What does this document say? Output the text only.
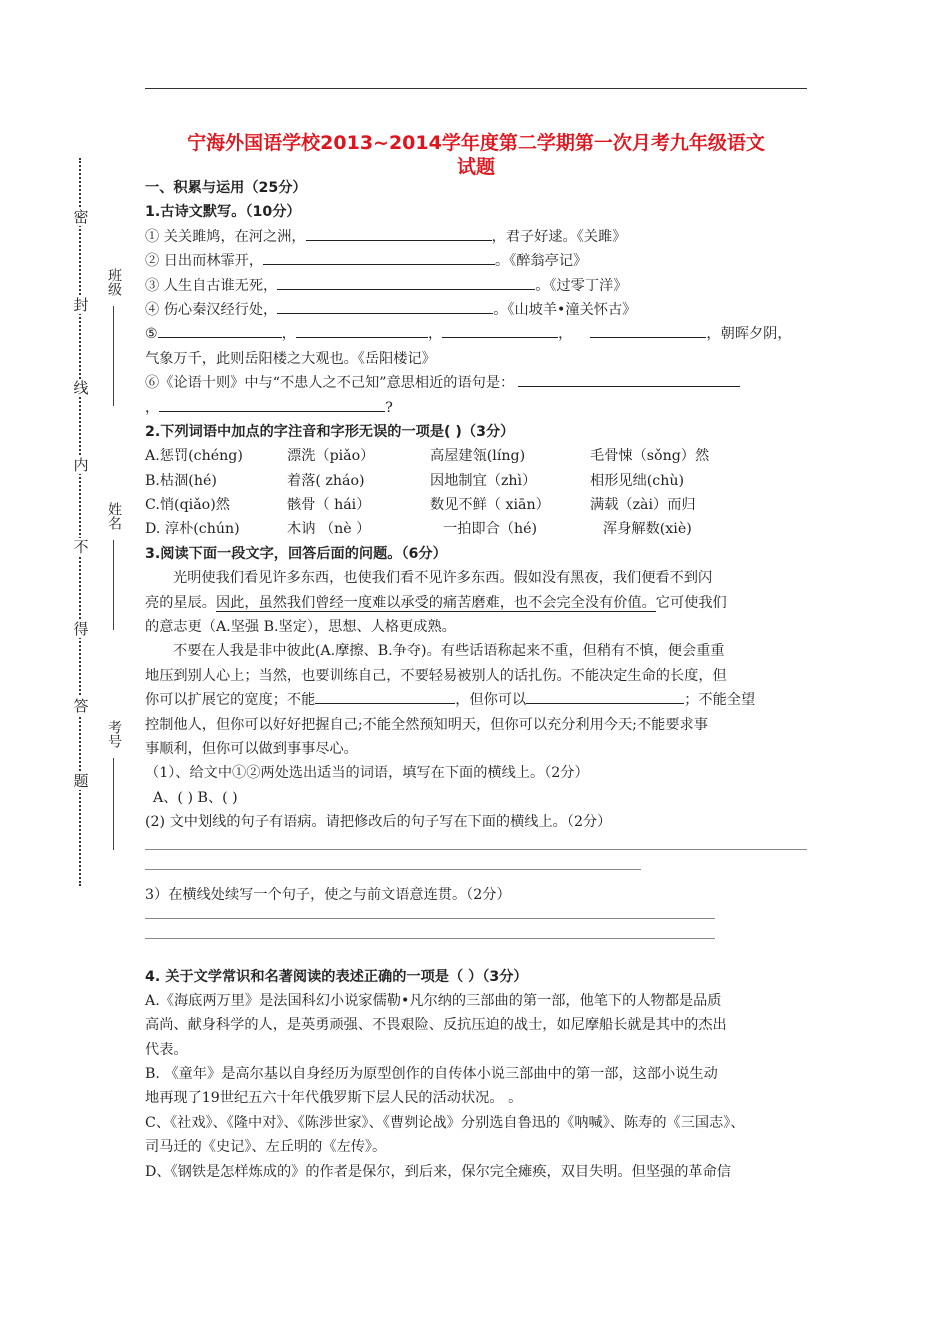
密
封
线
内
不
得
答
题
班级
姓名
考号
宁海外国语学校2013~2014学年度第二学期第一次月考九年级语文
试题
一、积累与运用（25分）
1.古诗文默写。（10分）
① 关关雎鸠，在河之洲，	，君子好逑。《关雎》
② 日出而林霏开，	。《醉翁亭记》
③ 人生自古谁无死，	。《过零丁洋》
④ 伤心秦汉经行处，	。《山坡羊•潼关怀古》
⑤	，	，	，	，朝晖夕阴，
气象万千，此则岳阳楼之大观也。《岳阳楼记》
⑥《论语十则》中与“不患人之不己知”意思相近的语句是：
，	?
2.下列词语中加点的字注音和字形无误的一项是( )（3分）
A.惩罚(chéng)	漂洗（piǎo）	高屋建瓴(líng)	毛骨悚（sǒng）然
B.枯涸(hé)	着落( zháo)	因地制宜（zhì）	相形见绌(chù)
C.悄(qiǎo)然	骸骨（ hái）	数见不鲜（ xiān）	满载（zài）而归
D. 淳朴(chún)	木讷 （nè ）	一拍即合（hé)	浑身解数(xiè)
3.阅读下面一段文字，回答后面的问题。（6分）
光明使我们看见许多东西，也使我们看不见许多东西。假如没有黑夜，我们便看不到闪
亮的星辰。因此，虽然我们曾经一度难以承受的痛苦磨难，也不会完全没有价值。它可使我们
的意志更（A.坚强 B.坚定），思想、人格更成熟。
不要在人我是非中彼此(A.摩擦、B.争夺)。有些话语称起来不重，但稍有不慎，便会重重
地压到别人心上；当然，也要训练自己，不要轻易被别人的话扎伤。不能决定生命的长度，但
你可以扩展它的宽度；不能	，但你可以	；不能全望
控制他人，但你可以好好把握自己;不能全然预知明天，但你可以充分利用今天;不能要求事
事顺利，但你可以做到事事尽心。
（1）、给文中①②两处选出适当的词语，填写在下面的横线上。（2分）
A、( ) B、( )
(2) 文中划线的句子有语病。请把修改后的句子写在下面的横线上。（2分）
3）在横线处续写一个句子，使之与前文语意连贯。（2分）
4. 关于文学常识和名著阅读的表述正确的一项是（ ）（3分）
A.《海底两万里》是法国科幻小说家儒勒•凡尔纳的三部曲的第一部，他笔下的人物都是品质
高尚、献身科学的人，是英勇顽强、不畏艰险、反抗压迫的战士，如尼摩船长就是其中的杰出
代表。
B. 《童年》是高尔基以自身经历为原型创作的自传体小说三部曲中的第一部，这部小说生动
地再现了19世纪五六十年代俄罗斯下层人民的活动状况。 。
C、《社戏》、《隆中对》、《陈涉世家》、《曹刿论战》分别选自鲁迅的《呐喊》、陈寿的《三国志》、
司马迁的《史记》、左丘明的《左传》。
D、《钢铁是怎样炼成的》的作者是保尔，到后来，保尔完全瘫痪，双目失明。但坚强的革命信
